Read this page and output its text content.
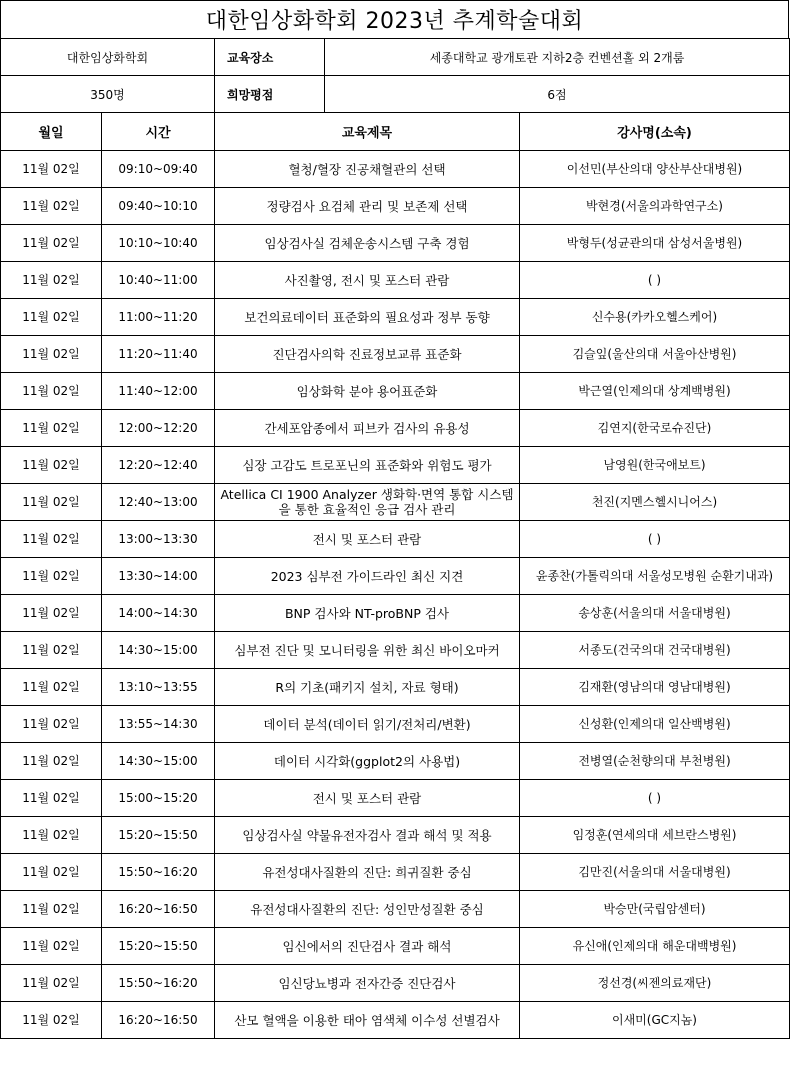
대한임상화학회 2023년 추계학술대회
대한임상화학회	교육장소	세종대학교 광개토관 지하2층 컨벤션홀 외 2개룸
350명	희망평점	6점
월일	시간	교육제목	강사명(소속)
11월 02일	09:10~09:40	혈청/혈장 진공채혈관의 선택	이선민(부산의대 양산부산대병원)
11월 02일	09:40~10:10	정량검사 요검체 관리 및 보존제 선택	박현경(서울의과학연구소)
11월 02일	10:10~10:40	임상검사실 검체운송시스템 구축 경험	박형두(성균관의대 삼성서울병원)
11월 02일	10:40~11:00	사진촬영, 전시 및 포스터 관람	( )
11월 02일	11:00~11:20	보건의료데이터 표준화의 필요성과 정부 동향	신수용(카카오헬스케어)
11월 02일	11:20~11:40	진단검사의학 진료정보교류 표준화	김슬잎(울산의대 서울아산병원)
11월 02일	11:40~12:00	임상화학 분야 용어표준화	박근열(인제의대 상계백병원)
11월 02일	12:00~12:20	간세포암종에서 피브카 검사의 유용성	김연지(한국로슈진단)
11월 02일	12:20~12:40	심장 고감도 트로포닌의 표준화와 위험도 평가	남영원(한국애보트)
11월 02일	12:40~13:00	Atellica CI 1900 Analyzer 생화학·면역 통합 시스템을 통한 효율적인 응급 검사 관리	천진(지멘스헬시니어스)
11월 02일	13:00~13:30	전시 및 포스터 관람	( )
11월 02일	13:30~14:00	2023 심부전 가이드라인 최신 지견	윤종찬(가톨릭의대 서울성모병원 순환기내과)
11월 02일	14:00~14:30	BNP 검사와 NT-proBNP 검사	송상훈(서울의대 서울대병원)
11월 02일	14:30~15:00	심부전 진단 및 모니터링을 위한 최신 바이오마커	서종도(건국의대 건국대병원)
11월 02일	13:10~13:55	R의 기초(패키지 설치, 자료 형태)	김재환(영남의대 영남대병원)
11월 02일	13:55~14:30	데이터 분석(데이터 읽기/전처리/변환)	신성환(인제의대 일산백병원)
11월 02일	14:30~15:00	데이터 시각화(ggplot2의 사용법)	전병열(순천향의대 부천병원)
11월 02일	15:00~15:20	전시 및 포스터 관람	( )
11월 02일	15:20~15:50	임상검사실 약물유전자검사 결과 해석 및 적용	임정훈(연세의대 세브란스병원)
11월 02일	15:50~16:20	유전성대사질환의 진단: 희귀질환 중심	김만진(서울의대 서울대병원)
11월 02일	16:20~16:50	유전성대사질환의 진단: 성인만성질환 중심	박승만(국립암센터)
11월 02일	15:20~15:50	임신에서의 진단검사 결과 해석	유신애(인제의대 해운대백병원)
11월 02일	15:50~16:20	임신당뇨병과 전자간증 진단검사	정선경(씨젠의료재단)
11월 02일	16:20~16:50	산모 혈액을 이용한 태아 염색체 이수성 선별검사	이새미(GC지놈)
